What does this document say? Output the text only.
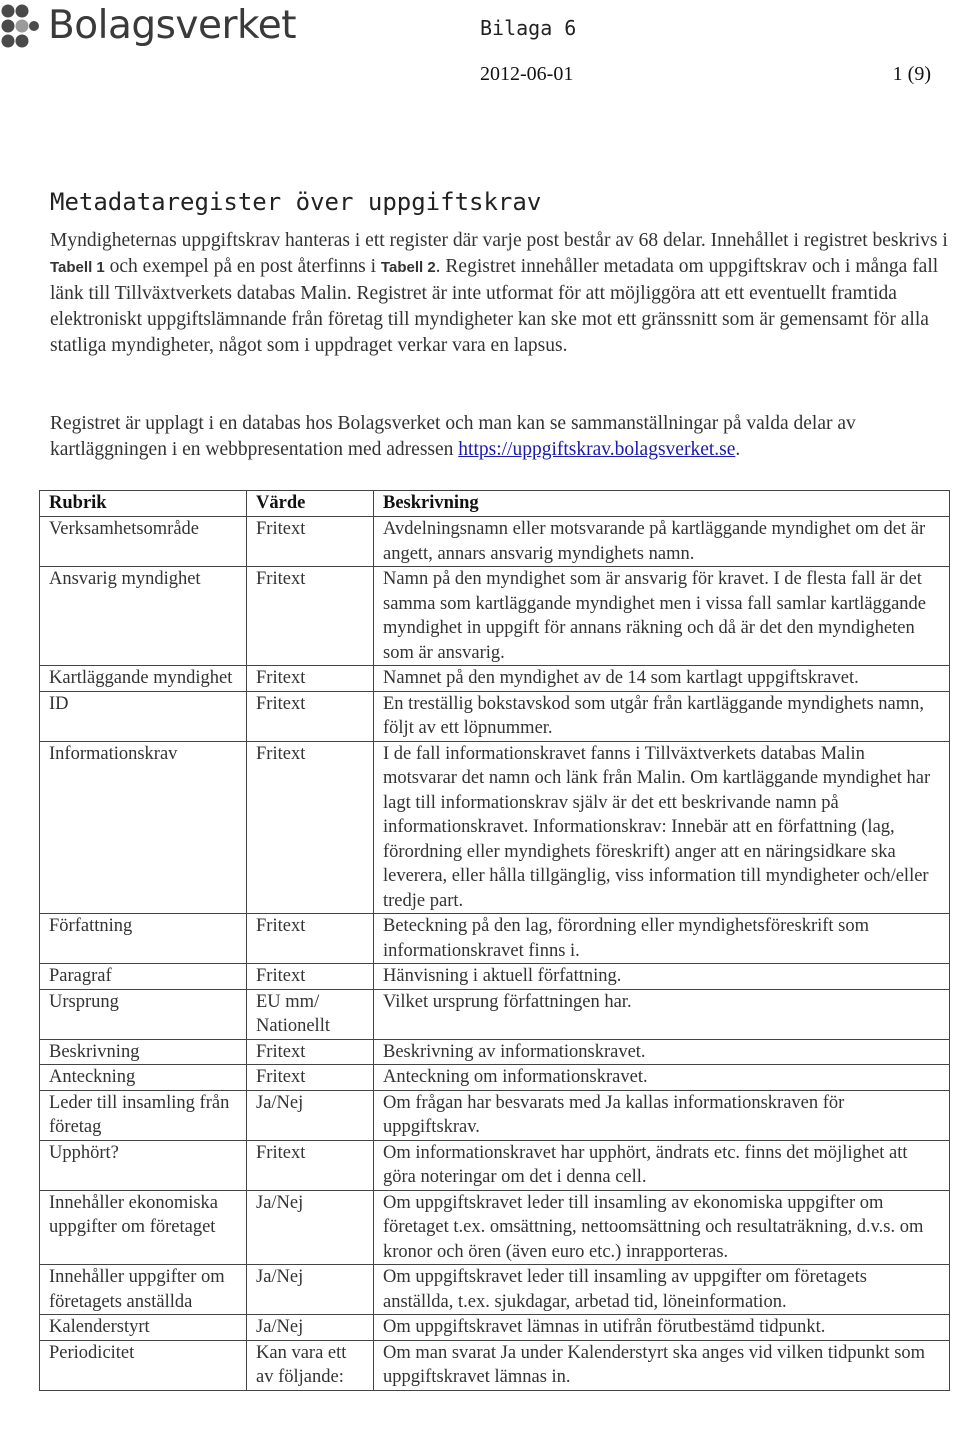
Bolagsverket	Bilaga 6
2012-06-01	1 (9)
Metadataregister över uppgiftskrav

Myndigheternas uppgiftskrav hanteras i ett register där varje post består av 68 delar. Innehållet i registret beskrivs i Tabell 1 och exempel på en post återfinns i Tabell 2. Registret innehåller metadata om uppgiftskrav och i många fall länk till Tillväxtverkets databas Malin. Registret är inte utformat för att möjliggöra att ett eventuellt framtida elektroniskt uppgiftslämnande från företag till myndigheter kan ske mot ett gränssnitt som är gemensamt för alla statliga myndigheter, något som i uppdraget verkar vara en lapsus.

Registret är upplagt i en databas hos Bolagsverket och man kan se sammanställningar på valda delar av kartläggningen i en webbpresentation med adressen https://uppgiftskrav.bolagsverket.se.

Rubrik	Värde	Beskrivning
Verksamhetsområde	Fritext	Avdelningsnamn eller motsvarande på kartläggande myndighet om det är angett, annars ansvarig myndighets namn.
Ansvarig myndighet	Fritext	Namn på den myndighet som är ansvarig för kravet. I de flesta fall är det samma som kartläggande myndighet men i vissa fall samlar kartläggande myndighet in uppgift för annans räkning och då är det den myndigheten som är ansvarig.
Kartläggande myndighet	Fritext	Namnet på den myndighet av de 14 som kartlagt uppgiftskravet.
ID	Fritext	En treställig bokstavskod som utgår från kartläggande myndighets namn, följt av ett löpnummer.
Informationskrav	Fritext	I de fall informationskravet fanns i Tillväxtverkets databas Malin motsvarar det namn och länk från Malin. Om kartläggande myndighet har lagt till informationskrav själv är det ett beskrivande namn på informationskravet. Informationskrav: Innebär att en författning (lag, förordning eller myndighets föreskrift) anger att en näringsidkare ska leverera, eller hålla tillgänglig, viss information till myndigheter och/eller tredje part.
Författning	Fritext	Beteckning på den lag, förordning eller myndighetsföreskrift som informationskravet finns i.
Paragraf	Fritext	Hänvisning i aktuell författning.
Ursprung	EU mm/ Nationellt	Vilket ursprung författningen har.
Beskrivning	Fritext	Beskrivning av informationskravet.
Anteckning	Fritext	Anteckning om informationskravet.
Leder till insamling från företag	Ja/Nej	Om frågan har besvarats med Ja kallas informationskraven för uppgiftskrav.
Upphört?	Fritext	Om informationskravet har upphört, ändrats etc. finns det möjlighet att göra noteringar om det i denna cell.
Innehåller ekonomiska uppgifter om företaget	Ja/Nej	Om uppgiftskravet leder till insamling av ekonomiska uppgifter om företaget t.ex. omsättning, nettoomsättning och resultaträkning, d.v.s. om kronor och ören (även euro etc.) inrapporteras.
Innehåller uppgifter om företagets anställda	Ja/Nej	Om uppgiftskravet leder till insamling av uppgifter om företagets anställda, t.ex. sjukdagar, arbetad tid, löneinformation.
Kalenderstyrt	Ja/Nej	Om uppgiftskravet lämnas in utifrån förutbestämd tidpunkt.
Periodicitet	Kan vara ett av följande:	Om man svarat Ja under Kalenderstyrt ska anges vid vilken tidpunkt som uppgiftskravet lämnas in.
